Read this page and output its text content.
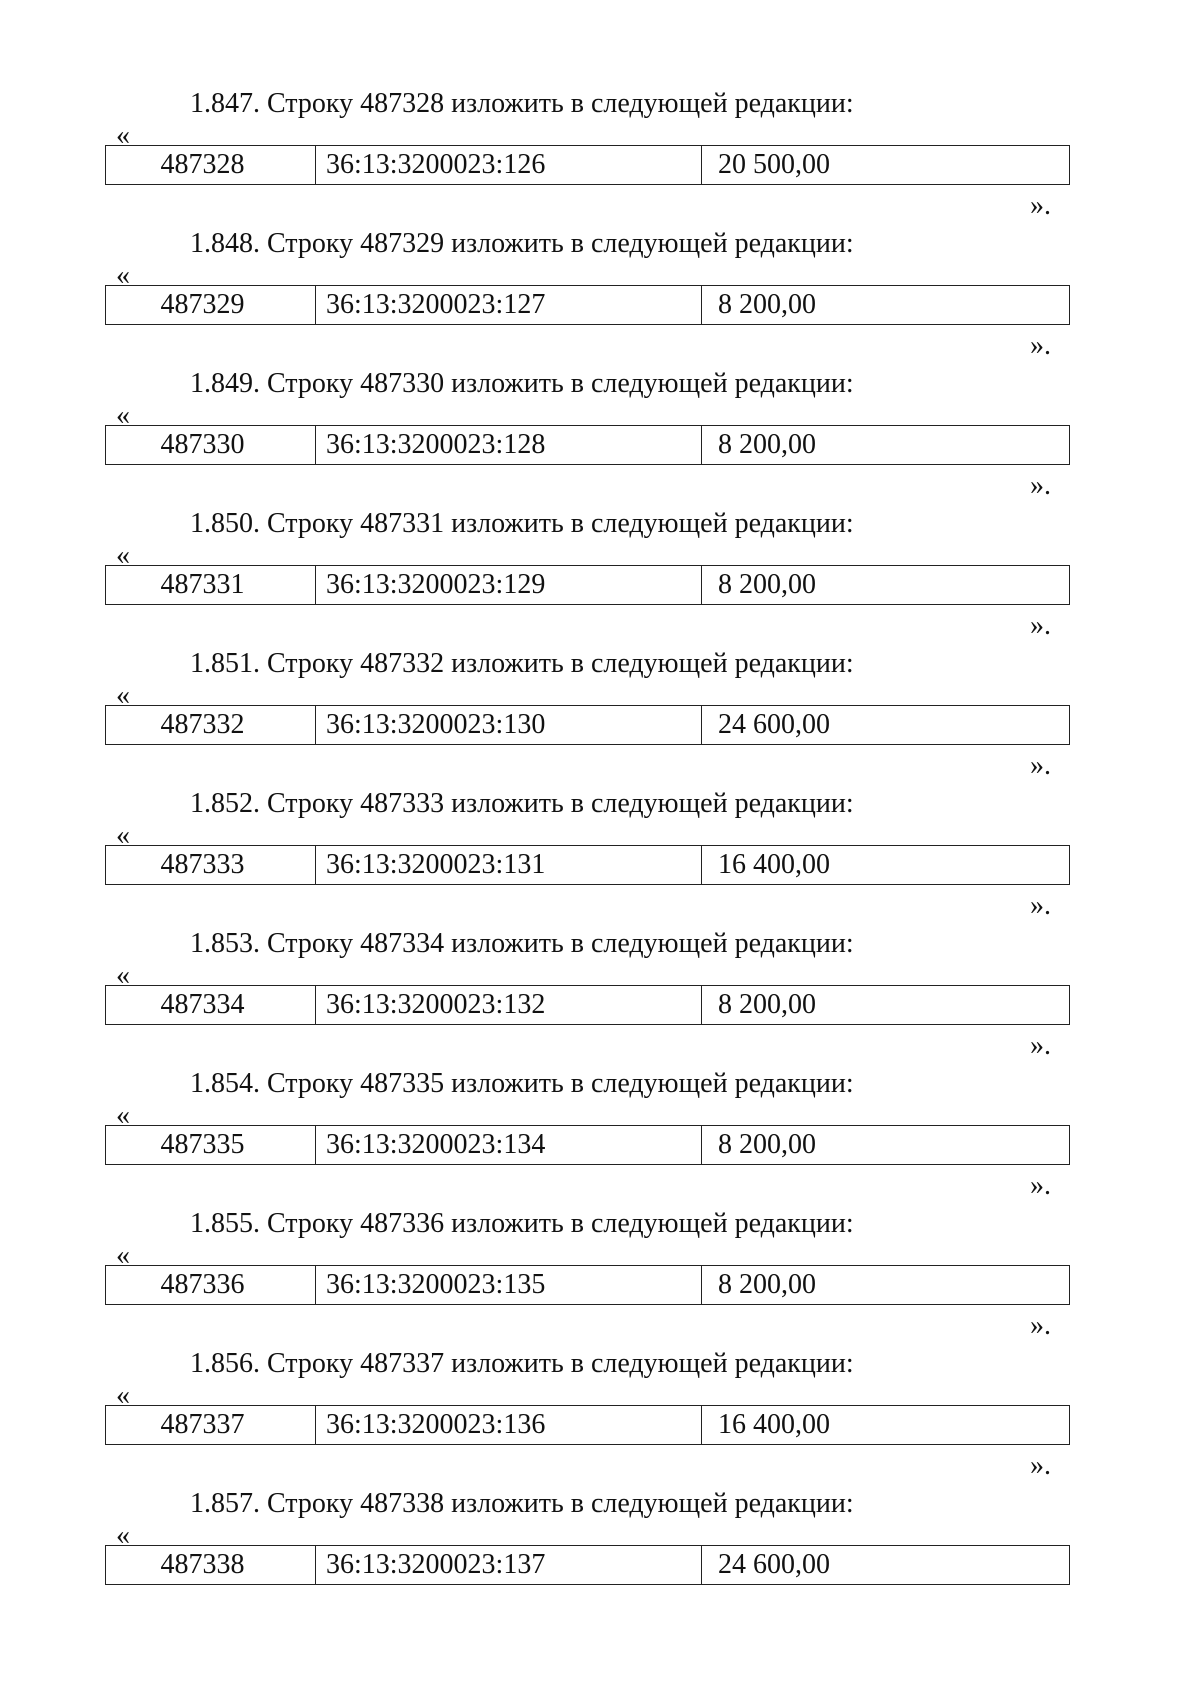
1.847. Строку 487328 изложить в следующей редакции:
«
487328	36:13:3200023:126	20 500,00
».
1.848. Строку 487329 изложить в следующей редакции:
«
487329	36:13:3200023:127	8 200,00
».
1.849. Строку 487330 изложить в следующей редакции:
«
487330	36:13:3200023:128	8 200,00
».
1.850. Строку 487331 изложить в следующей редакции:
«
487331	36:13:3200023:129	8 200,00
».
1.851. Строку 487332 изложить в следующей редакции:
«
487332	36:13:3200023:130	24 600,00
».
1.852. Строку 487333 изложить в следующей редакции:
«
487333	36:13:3200023:131	16 400,00
».
1.853. Строку 487334 изложить в следующей редакции:
«
487334	36:13:3200023:132	8 200,00
».
1.854. Строку 487335 изложить в следующей редакции:
«
487335	36:13:3200023:134	8 200,00
».
1.855. Строку 487336 изложить в следующей редакции:
«
487336	36:13:3200023:135	8 200,00
».
1.856. Строку 487337 изложить в следующей редакции:
«
487337	36:13:3200023:136	16 400,00
».
1.857. Строку 487338 изложить в следующей редакции:
«
487338	36:13:3200023:137	24 600,00
